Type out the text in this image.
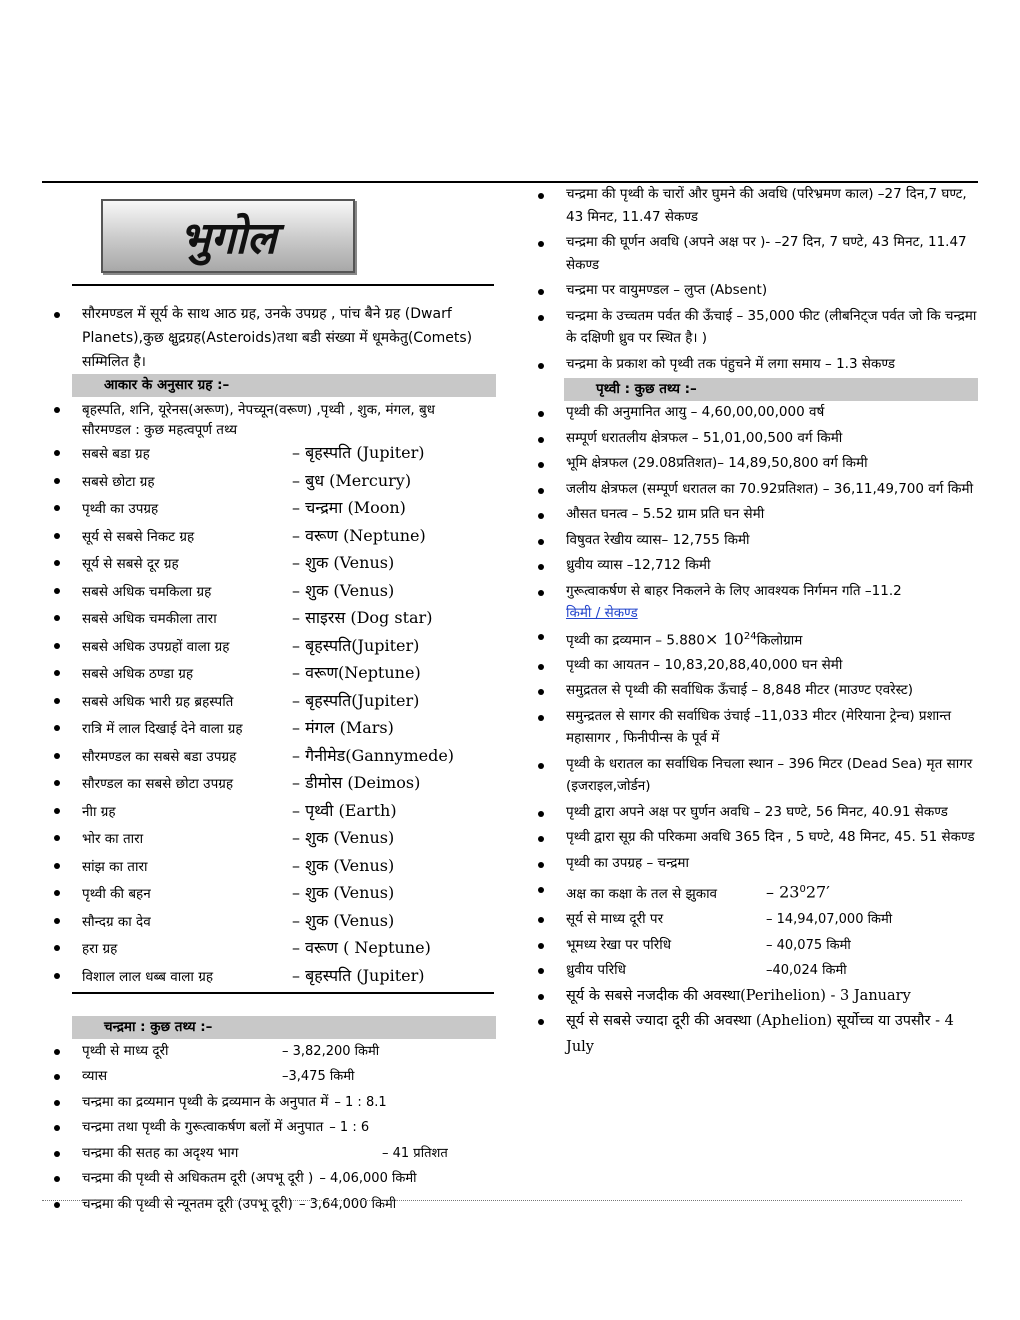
भुगोल
सौरमण्डल में सूर्य के साथ आठ ग्रह, उनके उपग्रह , पांच बैने ग्रह (Dwarf Planets),कुछ क्षुद्रग्रह(Asteroids)तथा बडी संख्या में धूमकेतु(Comets) सम्मिलित है।
आकार के अनुसार ग्रह :–
बृहस्पति, शनि, यूरेनस(अरूण), नेपच्यून(वरूण) ,पृथ्वी , शुक, मंगल, बुध
सौरमण्डल : कुछ महत्वपूर्ण तथ्य
सबसे बडा ग्रह	– बृहस्पति (Jupiter)
सबसे छोटा ग्रह	– बुध (Mercury)
पृथ्वी का उपग्रह	– चन्द्रमा (Moon)
सूर्य से सबसे निकट ग्रह	– वरूण (Neptune)
सूर्य से सबसे दूर ग्रह	– शुक (Venus)
सबसे अधिक चमकिला ग्रह	– शुक (Venus)
सबसे अधिक चमकीला तारा	– साइरस (Dog star)
सबसे अधिक उपग्रहों वाला ग्रह	– बृहस्पति(Jupiter)
सबसे अधिक ठण्डा ग्रह	– वरूण(Neptune)
सबसे अधिक भारी ग्रह ब्रहस्पति	– बृहस्पति(Jupiter)
रात्रि में लाल दिखाई देने वाला ग्रह	– मंगल (Mars)
सौरमण्डल का सबसे बडा उपग्रह	– गैनीमेड(Gannymede)
सौरण्डल का सबसे छोटा उपग्रह	– डीमोस (Deimos)
नीा ग्रह	– पृथ्वी (Earth)
भोर का तारा	– शुक (Venus)
सांझ का तारा	– शुक (Venus)
पृथ्वी की बहन	– शुक (Venus)
सौन्दग्र का देव	– शुक (Venus)
हरा ग्रह	– वरूण ( Neptune)
विशाल लाल धब्ब वाला ग्रह	– बृहस्पति (Jupiter)
चन्द्रमा : कुछ तथ्य :–
पृथ्वी से माध्य दूरी	– 3,82,200 किमी
व्यास	–3,475 किमी
चन्द्रमा का द्रव्यमान पृथ्वी के द्रव्यमान के अनुपात में – 1 : 8.1
चन्द्रमा तथा पृथ्वी के गुरूत्वाकर्षण बलों में अनुपात – 1 : 6
चन्द्रमा की सतह का अदृश्य भाग	– 41 प्रतिशत
चन्द्रमा की पृथ्वी से अधिकतम दूरी (अपभू दूरी ) – 4,06,000 किमी
चन्द्रमा की पृथ्वी से न्यूनतम दूरी (उपभू दूरी) – 3,64,000 किमी
चन्द्रमा की पृथ्वी के चारों और घुमने की अवधि (परिभ्रमण काल) –27 दिन,7 घण्ट, 43 मिनट, 11.47 सेकण्ड
चन्द्रमा की घूर्णन अवधि (अपने अक्ष पर )- –27 दिन, 7 घण्टे, 43 मिनट, 11.47 सेकण्ड
चन्द्रमा पर वायुमण्डल – लुप्त (Absent)
चन्द्रमा के उच्चतम पर्वत की ऊँचाई – 35,000 फीट (लीबनिट्ज पर्वत जो कि चन्द्रमा के दक्षिणी ध्रुव पर स्थित है। )
चन्द्रमा के प्रकाश को पृथ्वी तक पंहुचने में लगा समाय – 1.3 सेकण्ड
पृथ्वी : कुछ तथ्य :–
पृथ्वी की अनुमानित आयु – 4,60,00,00,000 वर्ष
सम्पूर्ण धरातलीय क्षेत्रफल – 51,01,00,500 वर्ग किमी
भूमि क्षेत्रफल (29.08प्रतिशत)– 14,89,50,800 वर्ग किमी
जलीय क्षेत्रफल (सम्पूर्ण धरातल का 70.92प्रतिशत) – 36,11,49,700 वर्ग किमी
औसत घनत्व – 5.52 ग्राम प्रति घन सेमी
विषुवत रेखीय व्यास– 12,755 किमी
ध्रुवीय व्यास –12,712 किमी
गुरूत्वाकर्षण से बाहर निकलने के लिए आवश्यक निर्गमन गति –11.2
किमी / सेकण्ड
पृथ्वी का द्रव्यमान – $5.880\times 10^{24}किलोग्राम$
पृथ्वी का आयतन – 10,83,20,88,40,000 घन सेमी
समुद्रतल से पृथ्वी की सर्वाधिक ऊँचाई – 8,848 मीटर (माउण्ट एवरेस्ट)
समुन्द्रतल से सागर की सर्वाधिक उंचाई –11,033 मीटर (मेरियाना ट्रेन्च) प्रशान्त महासागर , फिनीपीन्स के पूर्व में
पृथ्वी के धरातल का सर्वाधिक निचला स्थान – 396 मिटर (Dead Sea) मृत सागर (इजराइल,जोर्डन)
पृथ्वी द्वारा अपने अक्ष पर घुर्णन अवधि – 23 घण्टे, 56 मिनट, 40.91 सेकण्ड
पृथ्वी द्वारा सूग्र की परिकमा अवधि 365 दिन , 5 घण्टे, 48 मिनट, 45. 51 सेकण्ड
पृथ्वी का उपग्रह – चन्द्रमा
अक्ष का कक्षा के तल से झुकाव	– $23^027'$
सूर्य से माध्य दूरी पर	– 14,94,07,000 किमी
भूमध्य रेखा पर परिधि	– 40,075 किमी
ध्रुवीय परिधि	–40,024 किमी
सूर्य के सबसे नजदीक की अवस्था(Perihelion) - 3 January
सूर्य से सबसे ज्यादा दूरी की अवस्था (Aphelion) सूर्योच्च या उपसौर - 4 July
